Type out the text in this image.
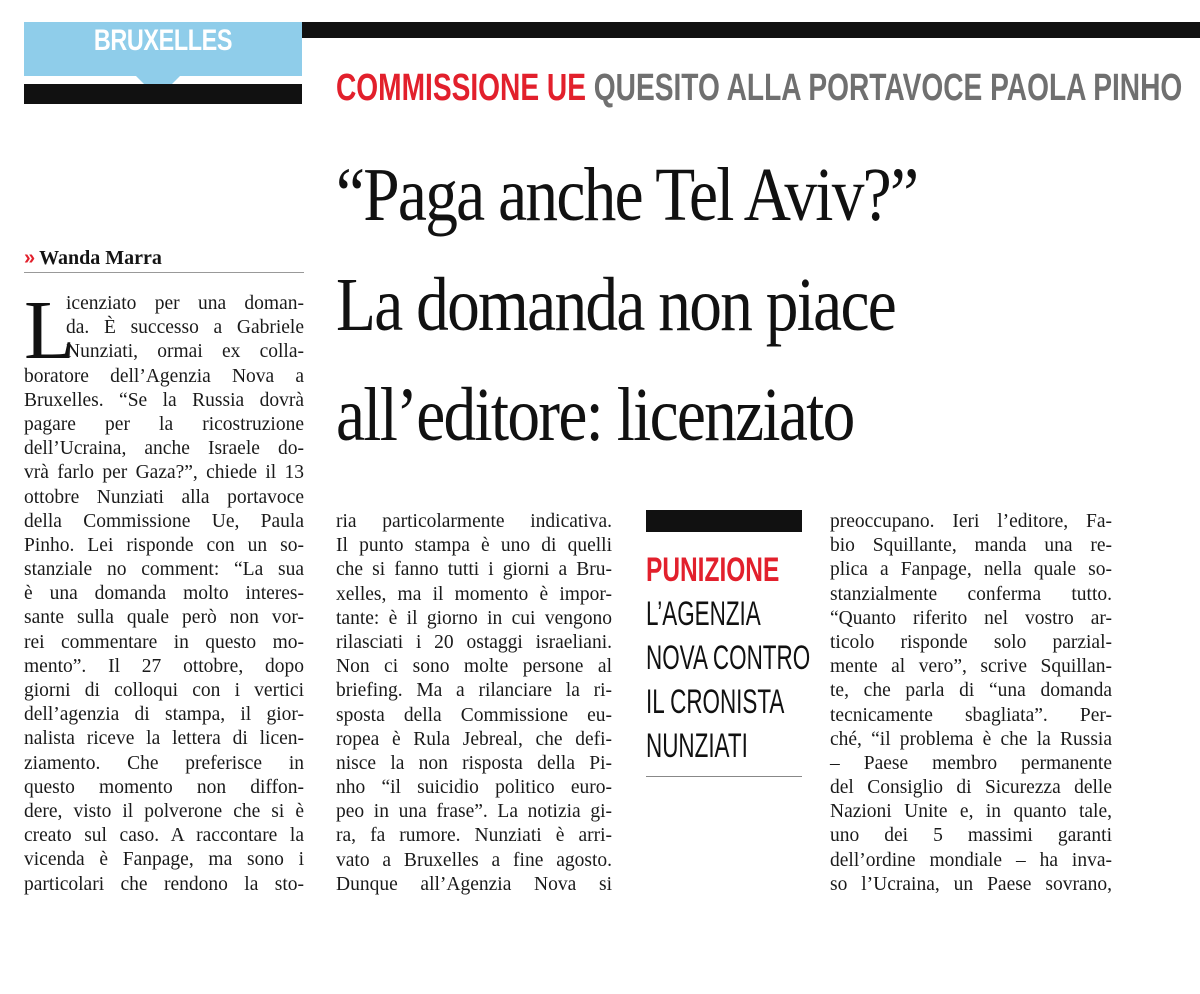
BRUXELLES
COMMISSIONE UE QUESITO ALLA PORTAVOCE PAOLA PINHO
“Paga anche Tel Aviv?”
La domanda non piace
all’editore: licenziato
» Wanda Marra
L
icenziato per una doman-
da. È successo a Gabriele
Nunziati, ormai ex colla-
boratore dell’Agenzia Nova a
Bruxelles. “Se la Russia dovrà
pagare per la ricostruzione
dell’Ucraina, anche Israele do-
vrà farlo per Gaza?”, chiede il 13
ottobre Nunziati alla portavoce
della Commissione Ue, Paula
Pinho. Lei risponde con un so-
stanziale no comment: “La sua
è una domanda molto interes-
sante sulla quale però non vor-
rei commentare in questo mo-
mento”. Il 27 ottobre, dopo
giorni di colloqui con i vertici
dell’agenzia di stampa, il gior-
nalista riceve la lettera di licen-
ziamento. Che preferisce in
questo momento non diffon-
dere, visto il polverone che si è
creato sul caso. A raccontare la
vicenda è Fanpage, ma sono i
particolari che rendono la sto-
ria particolarmente indicativa.
Il punto stampa è uno di quelli
che si fanno tutti i giorni a Bru-
xelles, ma il momento è impor-
tante: è il giorno in cui vengono
rilasciati i 20 ostaggi israeliani.
Non ci sono molte persone al
briefing. Ma a rilanciare la ri-
sposta della Commissione eu-
ropea è Rula Jebreal, che defi-
nisce la non risposta della Pi-
nho “il suicidio politico euro-
peo in una frase”. La notizia gi-
ra, fa rumore. Nunziati è arri-
vato a Bruxelles a fine agosto.
Dunque all’Agenzia Nova si
PUNIZIONE
L’AGENZIA
NOVA CONTRO
IL CRONISTA
NUNZIATI
preoccupano. Ieri l’editore, Fa-
bio Squillante, manda una re-
plica a Fanpage, nella quale so-
stanzialmente conferma tutto.
“Quanto riferito nel vostro ar-
ticolo risponde solo parzial-
mente al vero”, scrive Squillan-
te, che parla di “una domanda
tecnicamente sbagliata”. Per-
ché, “il problema è che la Russia
– Paese membro permanente
del Consiglio di Sicurezza delle
Nazioni Unite e, in quanto tale,
uno dei 5 massimi garanti
dell’ordine mondiale – ha inva-
so l’Ucraina, un Paese sovrano,
